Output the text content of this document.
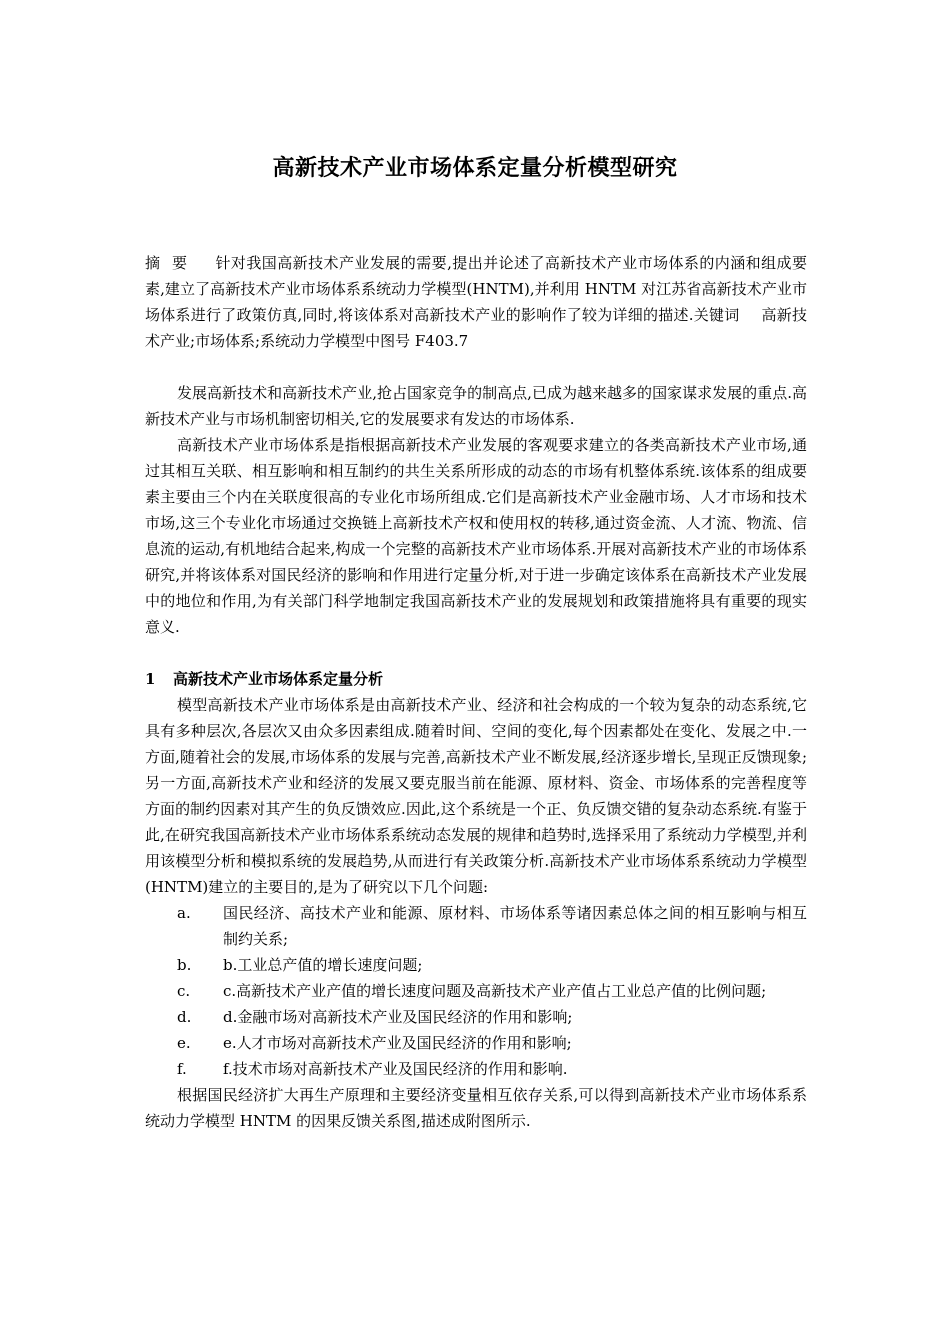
高新技术产业市场体系定量分析模型研究

摘要 针对我国高新技术产业发展的需要,提出并论述了高新技术产业市场体系的内涵和组成要素,建立了高新技术产业市场体系系统动力学模型(HNTM),并利用 HNTM 对江苏省高新技术产业市场体系进行了政策仿真,同时,将该体系对高新技术产业的影响作了较为详细的描述.关键词 高新技术产业;市场体系;系统动力学模型中图号 F403.7

发展高新技术和高新技术产业,抢占国家竞争的制高点,已成为越来越多的国家谋求发展的重点.高新技术产业与市场机制密切相关,它的发展要求有发达的市场体系.

高新技术产业市场体系是指根据高新技术产业发展的客观要求建立的各类高新技术产业市场,通过其相互关联、相互影响和相互制约的共生关系所形成的动态的市场有机整体系统.该体系的组成要素主要由三个内在关联度很高的专业化市场所组成.它们是高新技术产业金融市场、人才市场和技术市场,这三个专业化市场通过交换链上高新技术产权和使用权的转移,通过资金流、人才流、物流、信息流的运动,有机地结合起来,构成一个完整的高新技术产业市场体系.开展对高新技术产业的市场体系研究,并将该体系对国民经济的影响和作用进行定量分析,对于进一步确定该体系在高新技术产业发展中的地位和作用,为有关部门科学地制定我国高新技术产业的发展规划和政策措施将具有重要的现实意义.

1 高新技术产业市场体系定量分析

模型高新技术产业市场体系是由高新技术产业、经济和社会构成的一个较为复杂的动态系统,它具有多种层次,各层次又由众多因素组成.随着时间、空间的变化,每个因素都处在变化、发展之中.一方面,随着社会的发展,市场体系的发展与完善,高新技术产业不断发展,经济逐步增长,呈现正反馈现象;另一方面,高新技术产业和经济的发展又要克服当前在能源、原材料、资金、市场体系的完善程度等方面的制约因素对其产生的负反馈效应.因此,这个系统是一个正、负反馈交错的复杂动态系统.有鉴于此,在研究我国高新技术产业市场体系系统动态发展的规律和趋势时,选择采用了系统动力学模型,并利用该模型分析和模拟系统的发展趋势,从而进行有关政策分析.高新技术产业市场体系系统动力学模型(HNTM)建立的主要目的,是为了研究以下几个问题:

a.	国民经济、高技术产业和能源、原材料、市场体系等诸因素总体之间的相互影响与相互制约关系;
b.	b.工业总产值的增长速度问题;
c.	c.高新技术产业产值的增长速度问题及高新技术产业产值占工业总产值的比例问题;
d.	d.金融市场对高新技术产业及国民经济的作用和影响;
e.	e.人才市场对高新技术产业及国民经济的作用和影响;
f.	f.技术市场对高新技术产业及国民经济的作用和影响.

根据国民经济扩大再生产原理和主要经济变量相互依存关系,可以得到高新技术产业市场体系系统动力学模型 HNTM 的因果反馈关系图,描述成附图所示.
